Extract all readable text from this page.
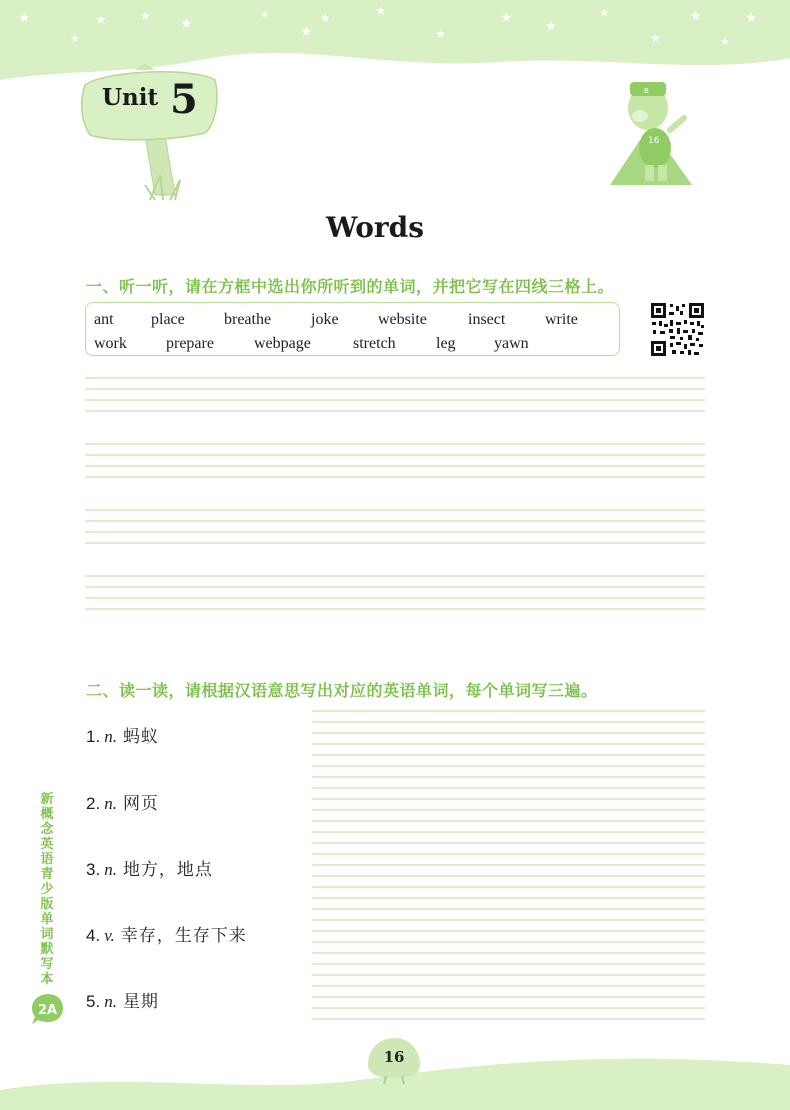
★	★	★ ★
★
★
★	★
★
★
★
★
★
★	★
★
★
Unit 5	B
16
Words
一、听一听，请在方框中选出你所听到的单词，并把它写在四线三格上。
ant place breathe joke website	insect write
work prepare	webpage	stretch	leg yawn
二、读一读，请根据汉语意思写出对应的英语单词，每个单词写三遍。
1. n. 蚂蚁
2. n. 网页
3. n. 地方，地点
4. v. 幸存，生存下来
5. n. 星期
新
概
念
英
语
青
少
版
单
词
默
写
本
2A
16
